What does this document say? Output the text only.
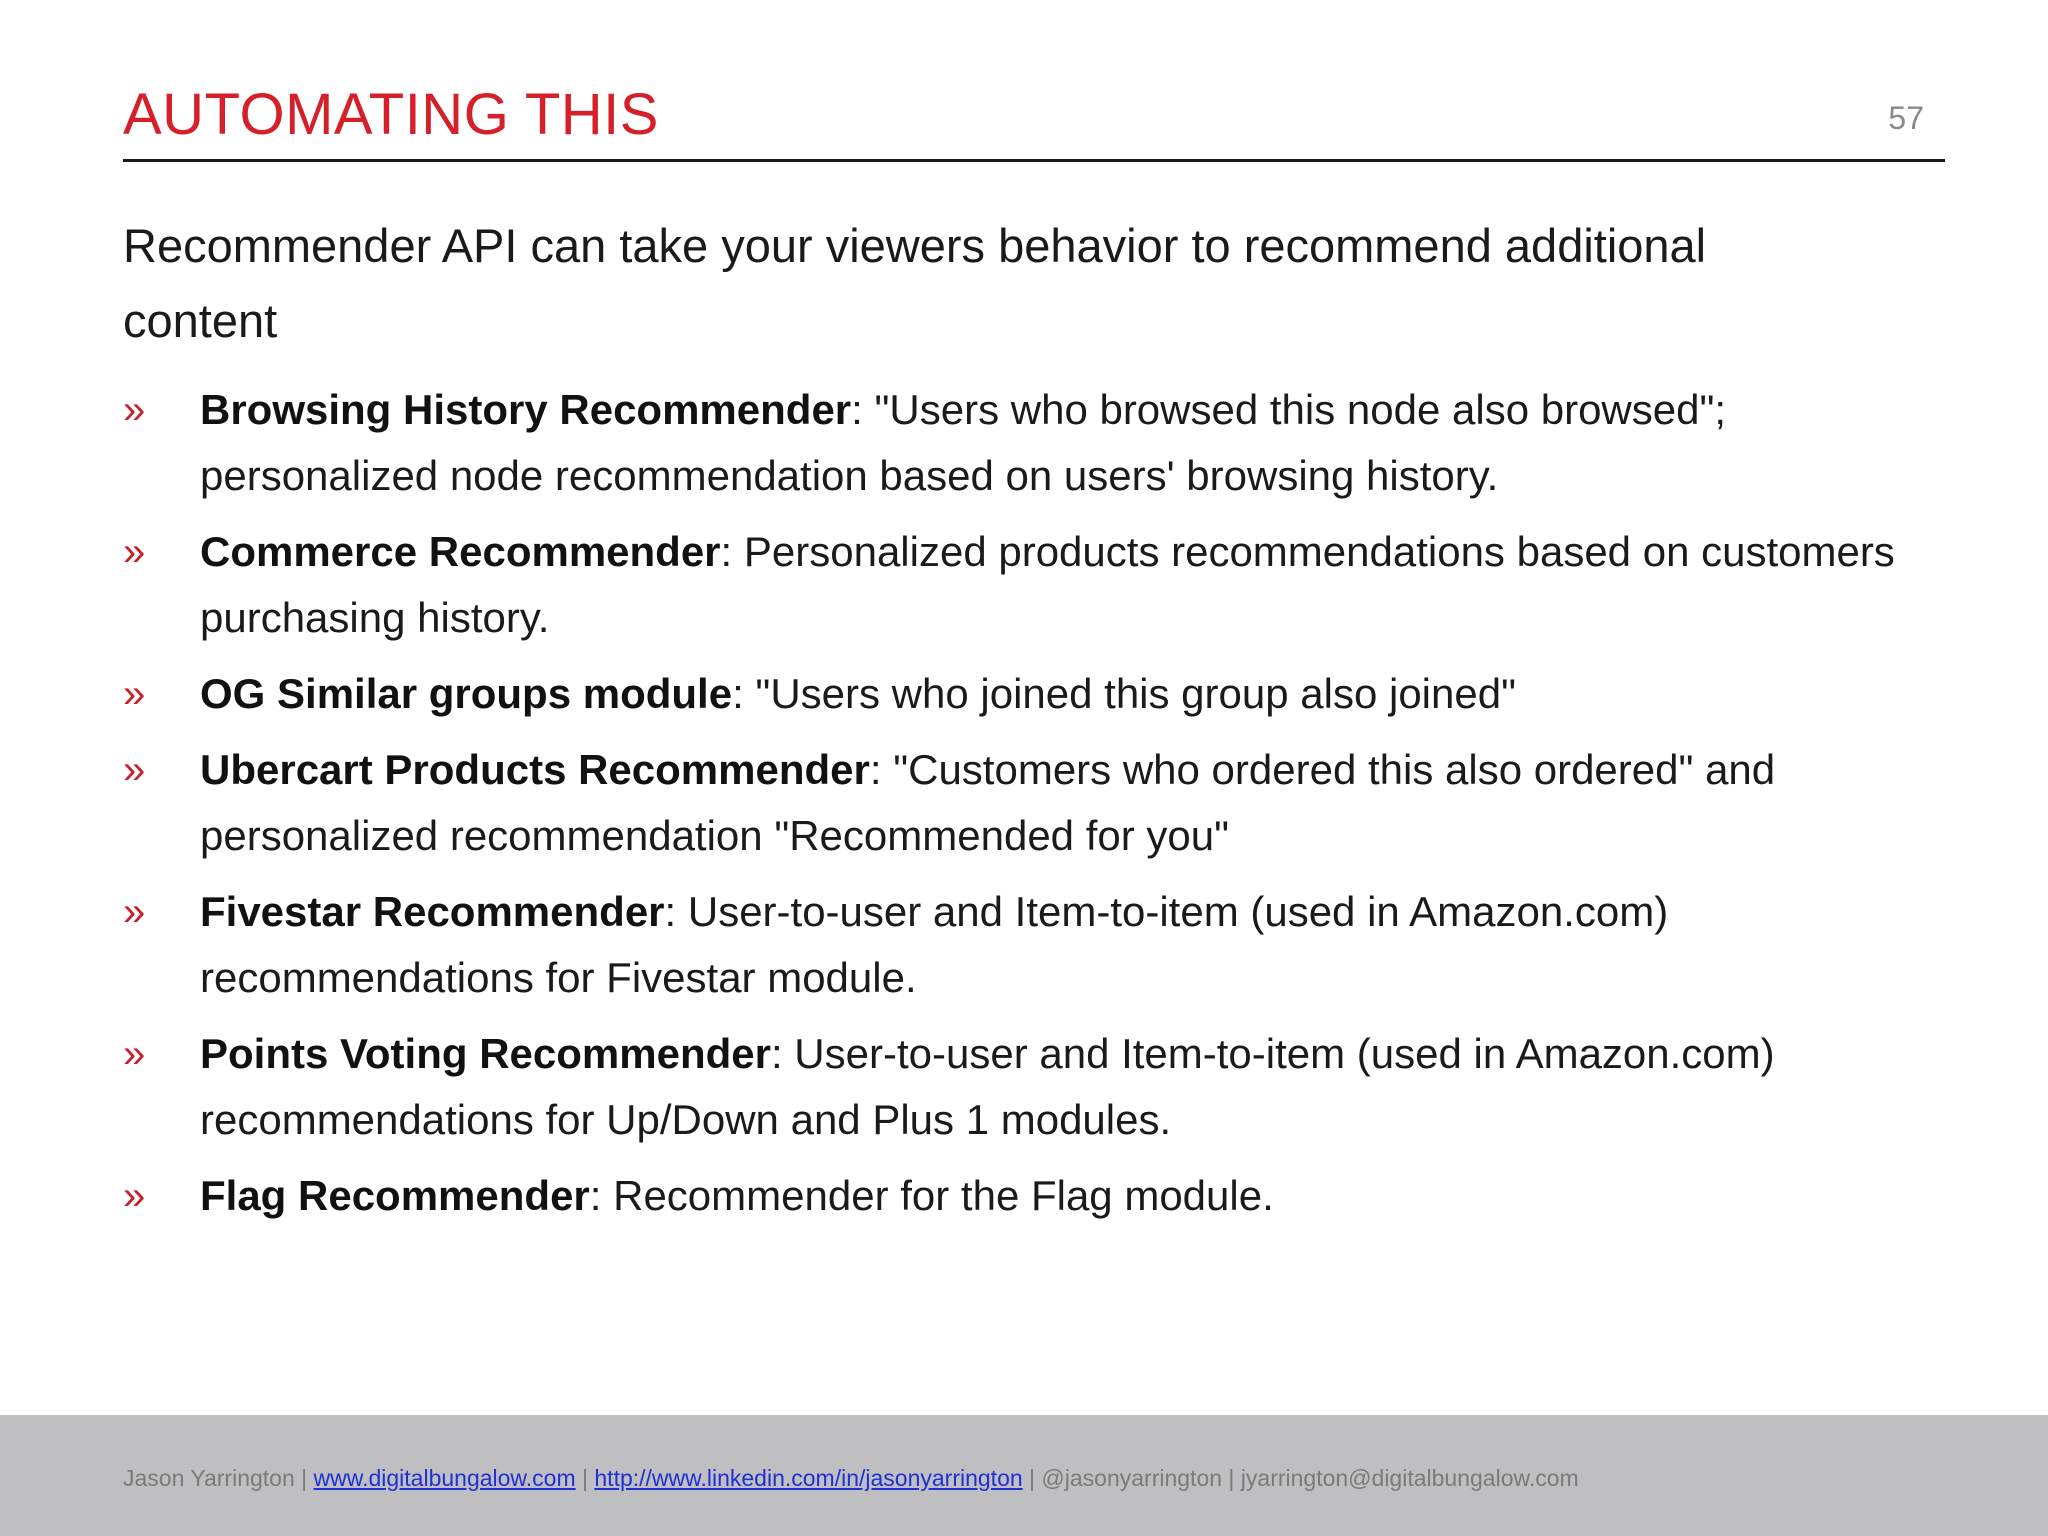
AUTOMATING THIS	57
Recommender API can take your viewers behavior to recommend additional content
» Browsing History Recommender: "Users who browsed this node also browsed"; personalized node recommendation based on users' browsing history.
» Commerce Recommender: Personalized products recommendations based on customers purchasing history.
» OG Similar groups module: "Users who joined this group also joined"
» Ubercart Products Recommender: "Customers who ordered this also ordered" and personalized recommendation "Recommended for you"
» Fivestar Recommender: User-to-user and Item-to-item (used in Amazon.com) recommendations for Fivestar module.
» Points Voting Recommender: User-to-user and Item-to-item (used in Amazon.com) recommendations for Up/Down and Plus 1 modules.
» Flag Recommender: Recommender for the Flag module.
Jason Yarrington | www.digitalbungalow.com | http://www.linkedin.com/in/jasonyarrington | @jasonyarrington | jyarrington@digitalbungalow.com
